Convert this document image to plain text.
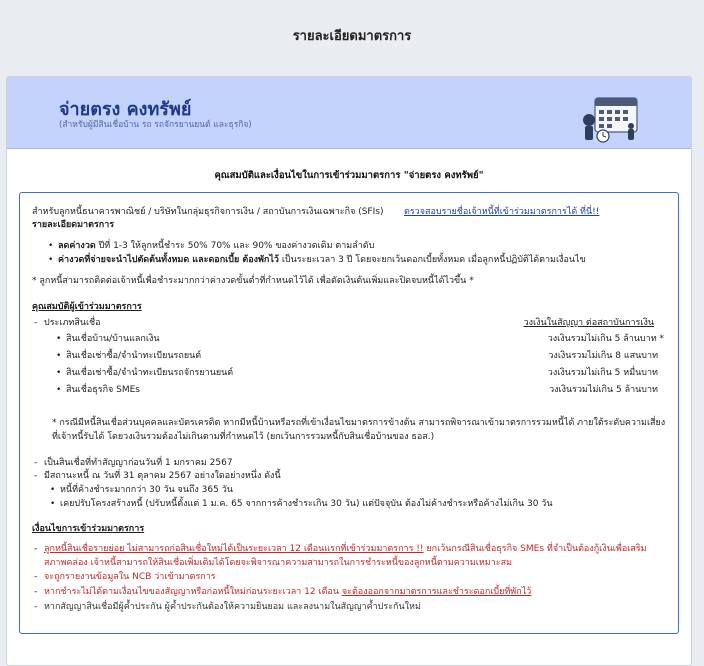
รายละเอียดมาตรการ
จ่ายตรง คงทรัพย์
(สำหรับผู้มีสินเชื่อบ้าน รถ รถจักรยานยนต์ และธุรกิจ)
คุณสมบัติและเงื่อนไขในการเข้าร่วมมาตรการ "จ่ายตรง คงทรัพย์"
สำหรับลูกหนี้ธนาคารพาณิชย์ / บริษัทในกลุ่มธุรกิจการเงิน / สถาบันการเงินเฉพาะกิจ (SFIs) ตรวจสอบรายชื่อเจ้าหนี้ที่เข้าร่วมมาตรการได้ ที่นี่!!
รายละเอียดมาตรการ
• ลดค่างวด ปีที่ 1-3 ให้ลูกหนี้ชำระ 50% 70% และ 90% ของค่างวดเดิม ตามลำดับ
• ค่างวดที่จ่ายจะนำไปตัดต้นทั้งหมด และดอกเบี้ย ต้องพักไว้ เป็นระยะเวลา 3 ปี โดยจะยกเว้นดอกเบี้ยทั้งหมด เมื่อลูกหนี้ปฏิบัติได้ตามเงื่อนไข
* ลูกหนี้สามารถติดต่อเจ้าหนี้เพื่อชำระมากกว่าค่างวดขั้นต่ำที่กำหนดไว้ได้ เพื่อตัดเงินต้นเพิ่มและปิดจบหนี้ได้ไวขึ้น *
คุณสมบัติผู้เข้าร่วมมาตรการ
- ประเภทสินเชื่อ	วงเงินในสัญญา ต่อสถาบันการเงิน
• สินเชื่อบ้าน/บ้านแลกเงิน	วงเงินรวมไม่เกิน 5 ล้านบาท *
• สินเชื่อเช่าซื้อ/จำนำทะเบียนรถยนต์	วงเงินรวมไม่เกิน 8 แสนบาท
• สินเชื่อเช่าซื้อ/จำนำทะเบียนรถจักรยานยนต์	วงเงินรวมไม่เกิน 5 หมื่นบาท
• สินเชื่อธุรกิจ SMEs	วงเงินรวมไม่เกิน 5 ล้านบาท
* กรณีมีหนี้สินเชื่อส่วนบุคคลและบัตรเครดิต หากมีหนี้บ้านหรือรถที่เข้าเงื่อนไขมาตรการข้างต้น สามารถพิจารณาเข้ามาตรการรวมหนี้ได้ ภายใต้ระดับความเสี่ยง
ที่เจ้าหนี้รับได้ โดยวงเงินรวมต้องไม่เกินตามที่กำหนดไว้ (ยกเว้นการรวมหนี้กับสินเชื่อบ้านของ ธอส.)
- เป็นสินเชื่อที่ทำสัญญาก่อนวันที่ 1 มกราคม 2567
- มีสถานะหนี้ ณ วันที่ 31 ตุลาคม 2567 อย่างใดอย่างหนึ่ง ดังนี้
• หนี้ที่ค้างชำระมากกว่า 30 วัน จนถึง 365 วัน
• เคยปรับโครงสร้างหนี้ (ปรับหนี้ตั้งแต่ 1 ม.ค. 65 จากการค้างชำระเกิน 30 วัน) แต่ปัจจุบัน ต้องไม่ค้างชำระหรือค้างไม่เกิน 30 วัน
เงื่อนไขการเข้าร่วมมาตรการ
- ลูกหนี้สินเชื่อรายย่อย ไม่สามารถก่อสินเชื่อใหม่ได้เป็นระยะเวลา 12 เดือนแรกที่เข้าร่วมมาตรการ !! ยกเว้นกรณีสินเชื่อธุรกิจ SMEs ที่จำเป็นต้องกู้เงินเพื่อเสริม
สภาพคล่อง เจ้าหนี้สามารถให้สินเชื่อเพิ่มเติมได้โดยจะพิจารณาความสามารถในการชำระหนี้ของลูกหนี้ตามความเหมาะสม
- จะถูกรายงานข้อมูลใน NCB ว่าเข้ามาตรการ
- หากชำระไม่ได้ตามเงื่อนไขของสัญญาหรือก่อหนี้ใหม่ก่อนระยะเวลา 12 เดือน จะต้องออกจากมาตรการและชำระดอกเบี้ยที่พักไว้
- หากสัญญาสินเชื่อมีผู้ค้ำประกัน ผู้ค้ำประกันต้องให้ความยินยอม และลงนามในสัญญาค้ำประกันใหม่
